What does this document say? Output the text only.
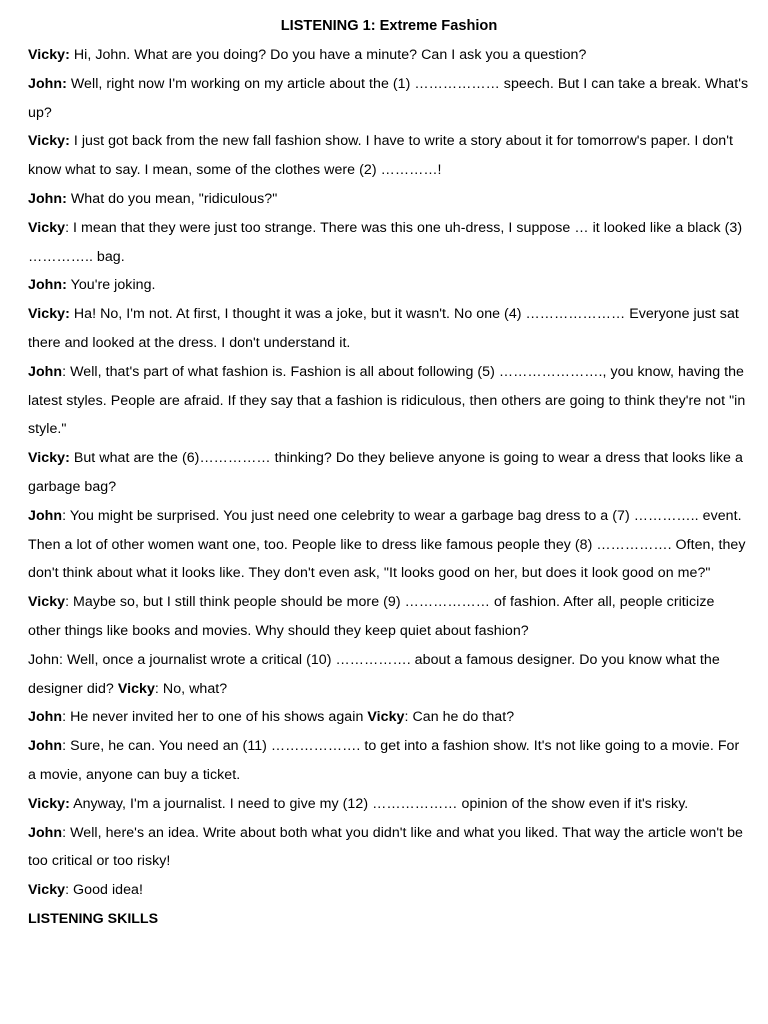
LISTENING 1: Extreme Fashion

Vicky: Hi, John. What are you doing? Do you have a minute? Can I ask you a question?

John: Well, right now I'm working on my article about the (1) ……………… speech. But I can take a break. What's up?

Vicky: I just got back from the new fall fashion show. I have to write a story about it for tomorrow's paper. I don't know what to say. I mean, some of the clothes were (2) …………!

John: What do you mean, "ridiculous?"

Vicky: I mean that they were just too strange. There was this one uh-dress, I suppose … it looked like a black (3) ………….. bag.

John: You're joking.

Vicky: Ha! No, I'm not. At first, I thought it was a joke, but it wasn't. No one (4) ………………… Everyone just sat there and looked at the dress. I don't understand it.

John: Well, that's part of what fashion is. Fashion is all about following (5) …………………., you know, having the latest styles. People are afraid. If they say that a fashion is ridiculous, then others are going to think they're not "in style."

Vicky: But what are the (6)…………… thinking? Do they believe anyone is going to wear a dress that looks like a garbage bag?

John: You might be surprised. You just need one celebrity to wear a garbage bag dress to a (7) ………….. event. Then a lot of other women want one, too. People like to dress like famous people they (8) ……………. Often, they don't think about what it looks like. They don't even ask, "It looks good on her, but does it look good on me?"

Vicky: Maybe so, but I still think people should be more (9) ……………… of fashion. After all, people criticize other things like books and movies. Why should they keep quiet about fashion?

John: Well, once a journalist wrote a critical (10) ……………. about a famous designer. Do you know what the designer did? Vicky: No, what?

John: He never invited her to one of his shows again Vicky: Can he do that?

John: Sure, he can. You need an (11) ………………. to get into a fashion show. It's not like going to a movie. For a movie, anyone can buy a ticket.

Vicky: Anyway, I'm a journalist. I need to give my (12) ……………… opinion of the show even if it's risky.

John: Well, here's an idea. Write about both what you didn't like and what you liked. That way the article won't be too critical or too risky!

Vicky: Good idea!

LISTENING SKILLS
